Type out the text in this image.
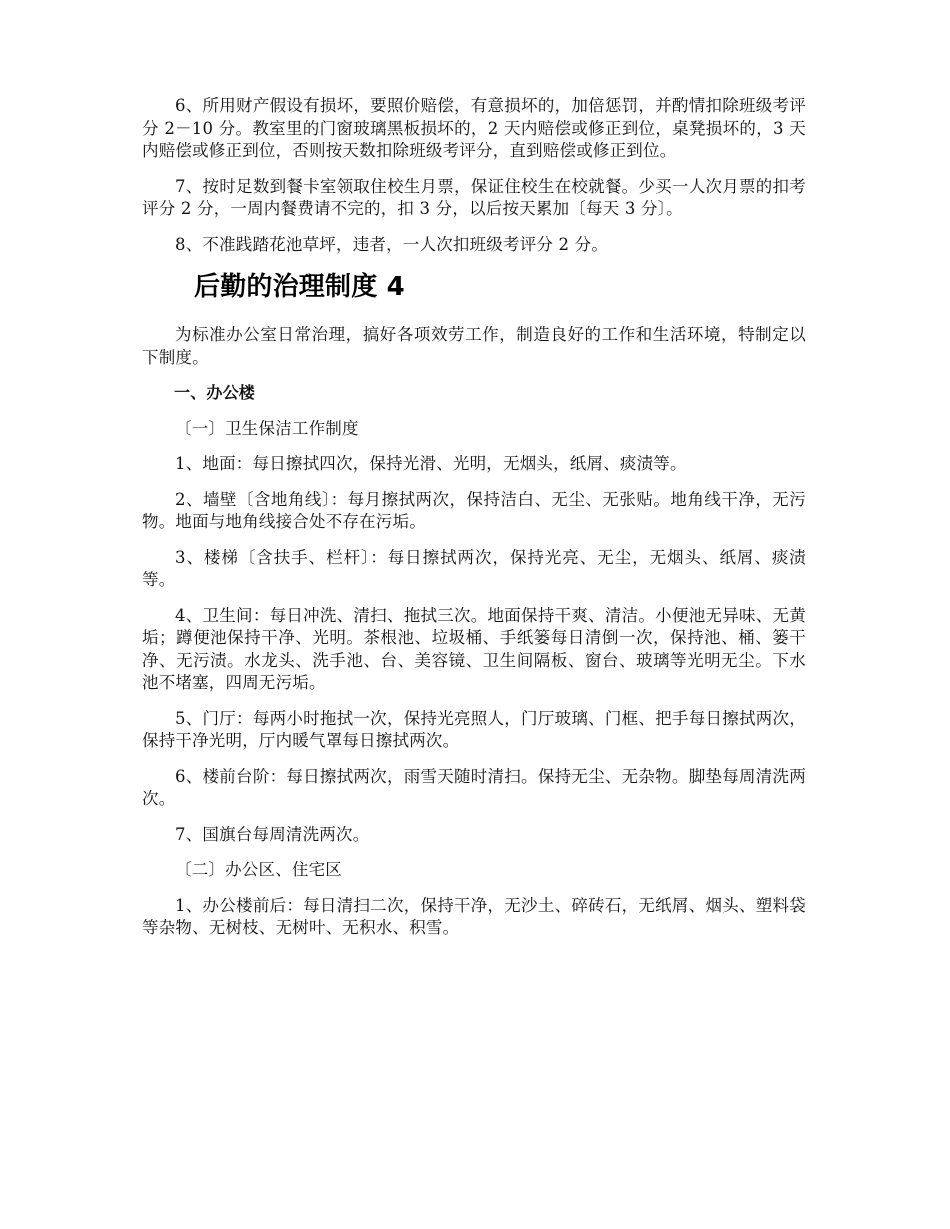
6、所用财产假设有损坏，要照价赔偿，有意损坏的，加倍惩罚，并酌情扣除班级考评分 2－10 分。教室里的门窗玻璃黑板损坏的，2 天内赔偿或修正到位，桌凳损坏的，3 天内赔偿或修正到位，否则按天数扣除班级考评分，直到赔偿或修正到位。

7、按时足数到餐卡室领取住校生月票，保证住校生在校就餐。少买一人次月票的扣考评分 2 分，一周内餐费请不完的，扣 3 分，以后按天累加〔每天 3 分〕。

8、不准践踏花池草坪，违者，一人次扣班级考评分 2 分。

后勤的治理制度 4

为标准办公室日常治理，搞好各项效劳工作，制造良好的工作和生活环境，特制定以下制度。

一、办公楼

〔一〕卫生保洁工作制度

1、地面：每日擦拭四次，保持光滑、光明，无烟头，纸屑、痰渍等。

2、墙壁〔含地角线〕：每月擦拭两次，保持洁白、无尘、无张贴。地角线干净，无污物。地面与地角线接合处不存在污垢。

3、楼梯〔含扶手、栏杆〕：每日擦拭两次，保持光亮、无尘，无烟头、纸屑、痰渍等。

4、卫生间：每日冲洗、清扫、拖拭三次。地面保持干爽、清洁。小便池无异味、无黄垢；蹲便池保持干净、光明。茶根池、垃圾桶、手纸篓每日清倒一次，保持池、桶、篓干净、无污渍。水龙头、洗手池、台、美容镜、卫生间隔板、窗台、玻璃等光明无尘。下水池不堵塞，四周无污垢。

5、门厅：每两小时拖拭一次，保持光亮照人，门厅玻璃、门框、把手每日擦拭两次，保持干净光明，厅内暖气罩每日擦拭两次。

6、楼前台阶：每日擦拭两次，雨雪天随时清扫。保持无尘、无杂物。脚垫每周清洗两次。

7、国旗台每周清洗两次。

〔二〕办公区、住宅区

1、办公楼前后：每日清扫二次，保持干净，无沙土、碎砖石，无纸屑、烟头、塑料袋等杂物、无树枝、无树叶、无积水、积雪。
